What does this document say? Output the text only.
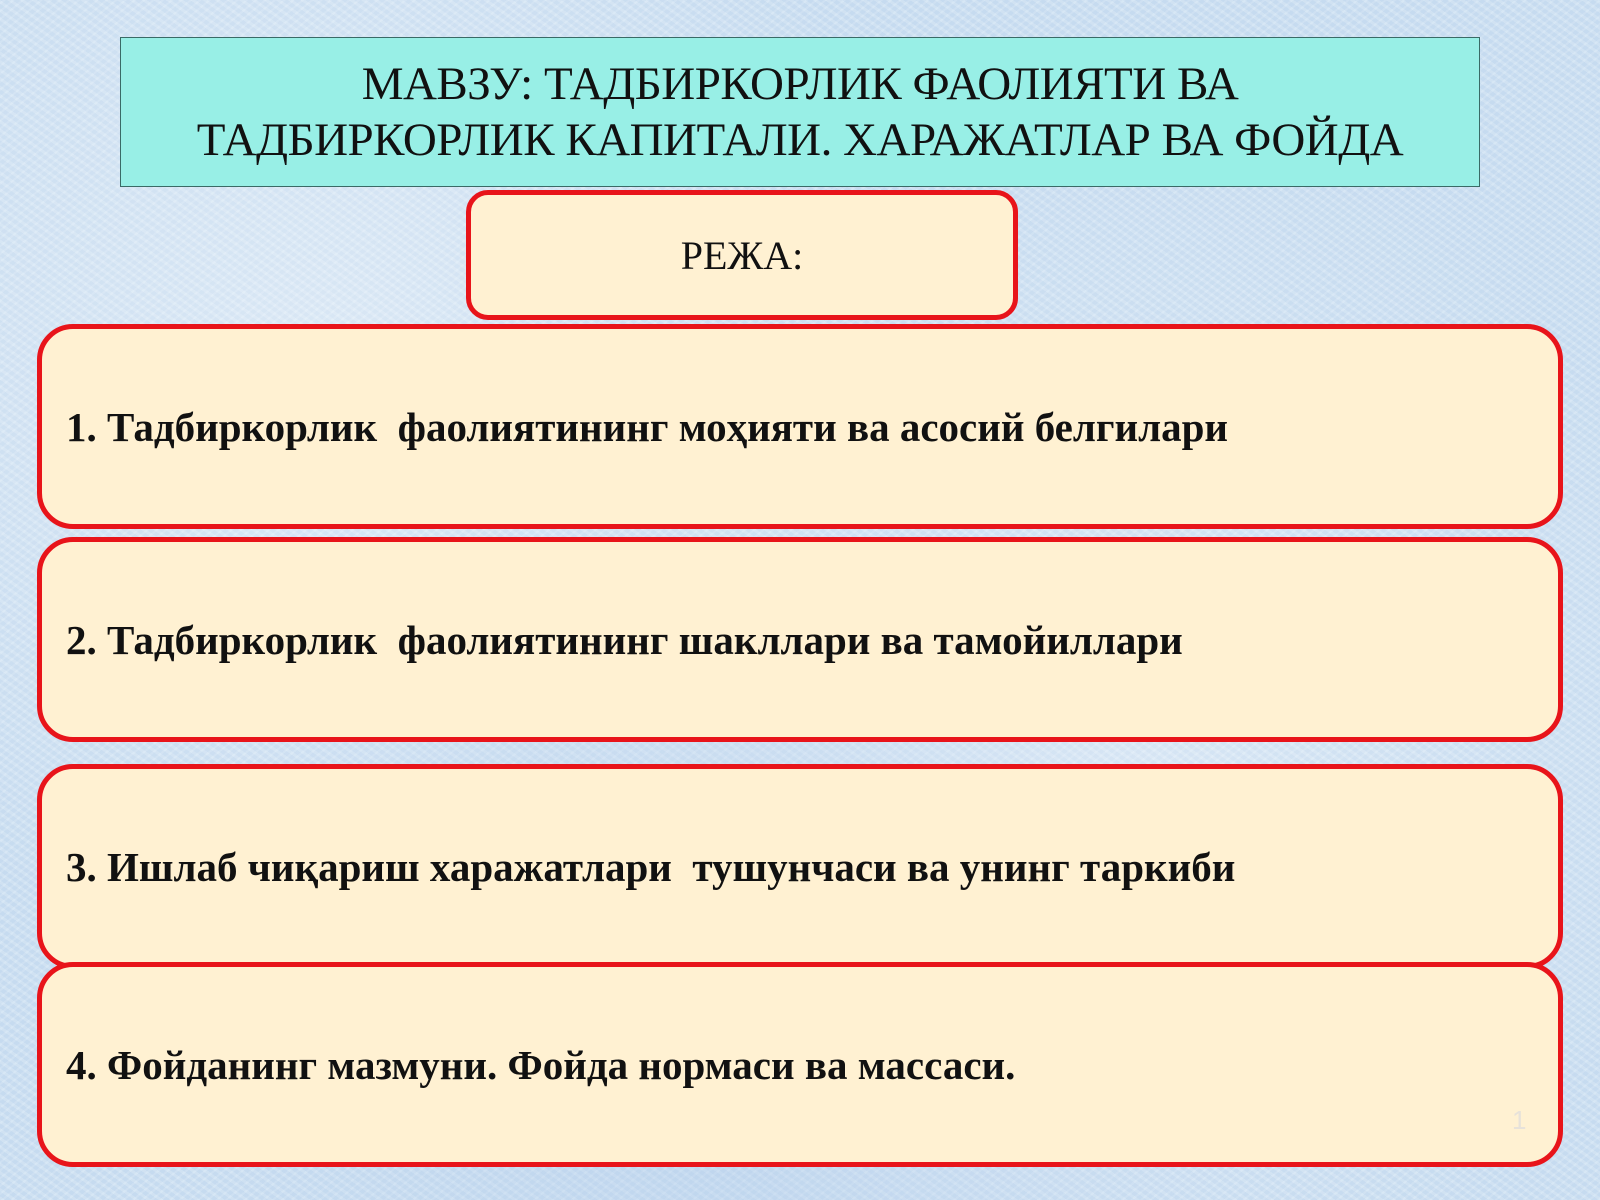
МАВЗУ: ТАДБИРКОРЛИК ФАОЛИЯТИ ВА
ТАДБИРКОРЛИК КАПИТАЛИ. ХАРАЖАТЛАР ВА ФОЙДА
РЕЖА:
1. Тадбиркорлик  фаолиятининг моҳияти ва асосий белгилари
2. Тадбиркорлик  фаолиятининг шакллари ва тамойиллари
3. Ишлаб чиқариш харажатлари  тушунчаси ва унинг таркиби
4. Фойданинг мазмуни. Фойда нормаси ва массаси.
1
